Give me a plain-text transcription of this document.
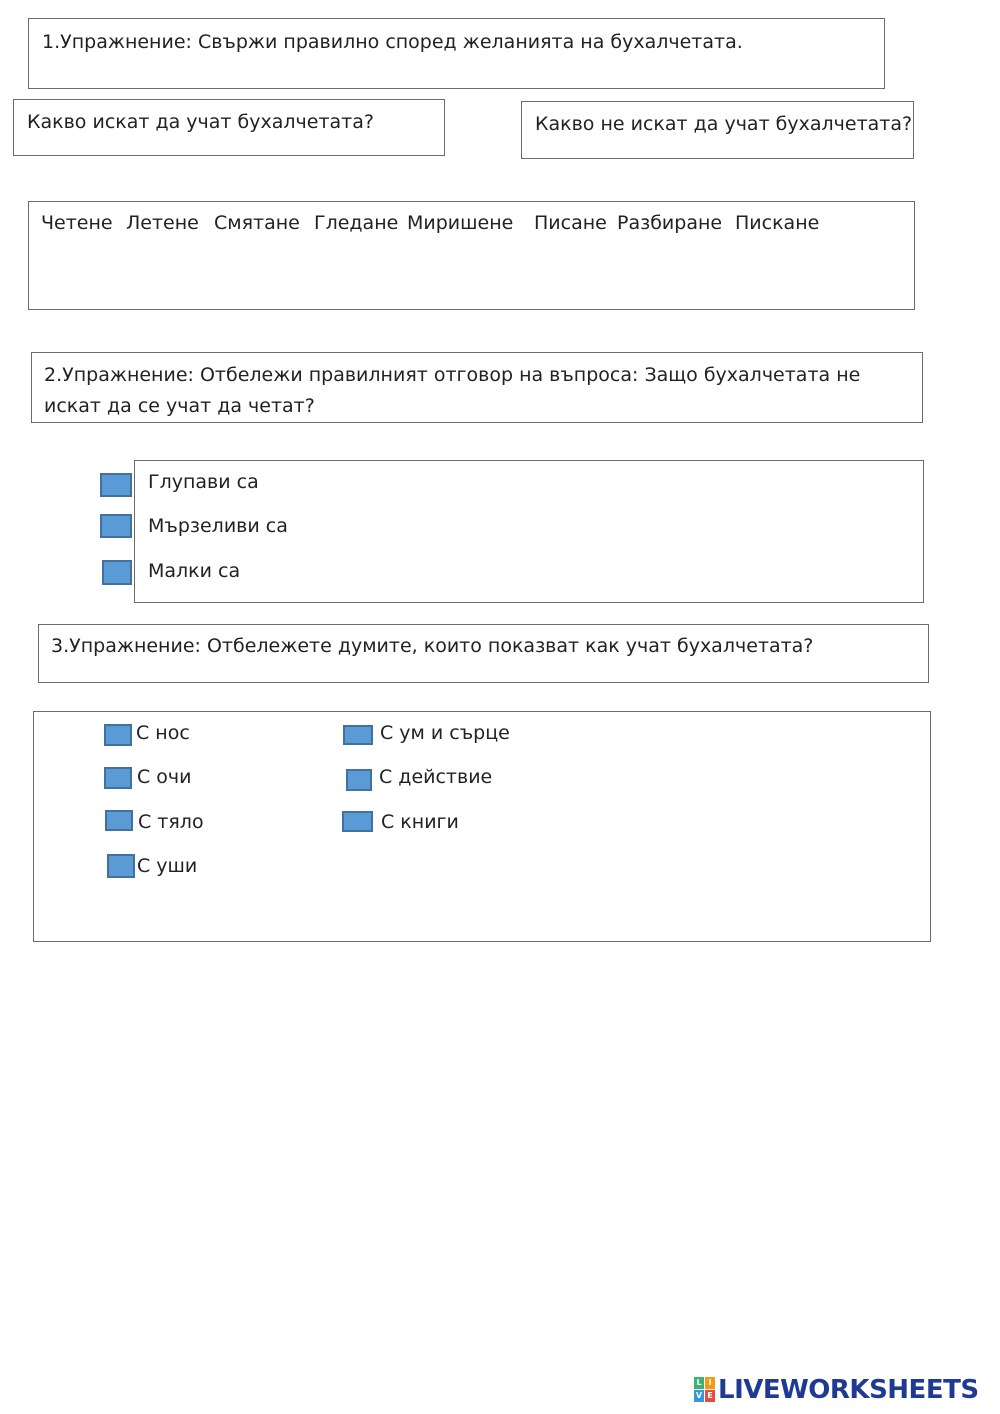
1.Упражнение: Свържи правилно според желанията на бухалчетата.
Какво искат да учат бухалчетата?	Какво не искат да учат бухалчетата?
Четене Летене Смятане Гледане Миришене Писане Разбиране Пискане
2.Упражнение: Отбележи правилният отговор на въпроса: Защо бухалчетата не искат да се учат да четат?
Глупави са
Мързеливи са
Малки са
3.Упражнение: Отбележете думите, които показват как учат бухалчетата?
С нос
С очи
С тяло
С уши
С ум и сърце
С действие
С книги
L I
V E LIVEWORKSHEETS
